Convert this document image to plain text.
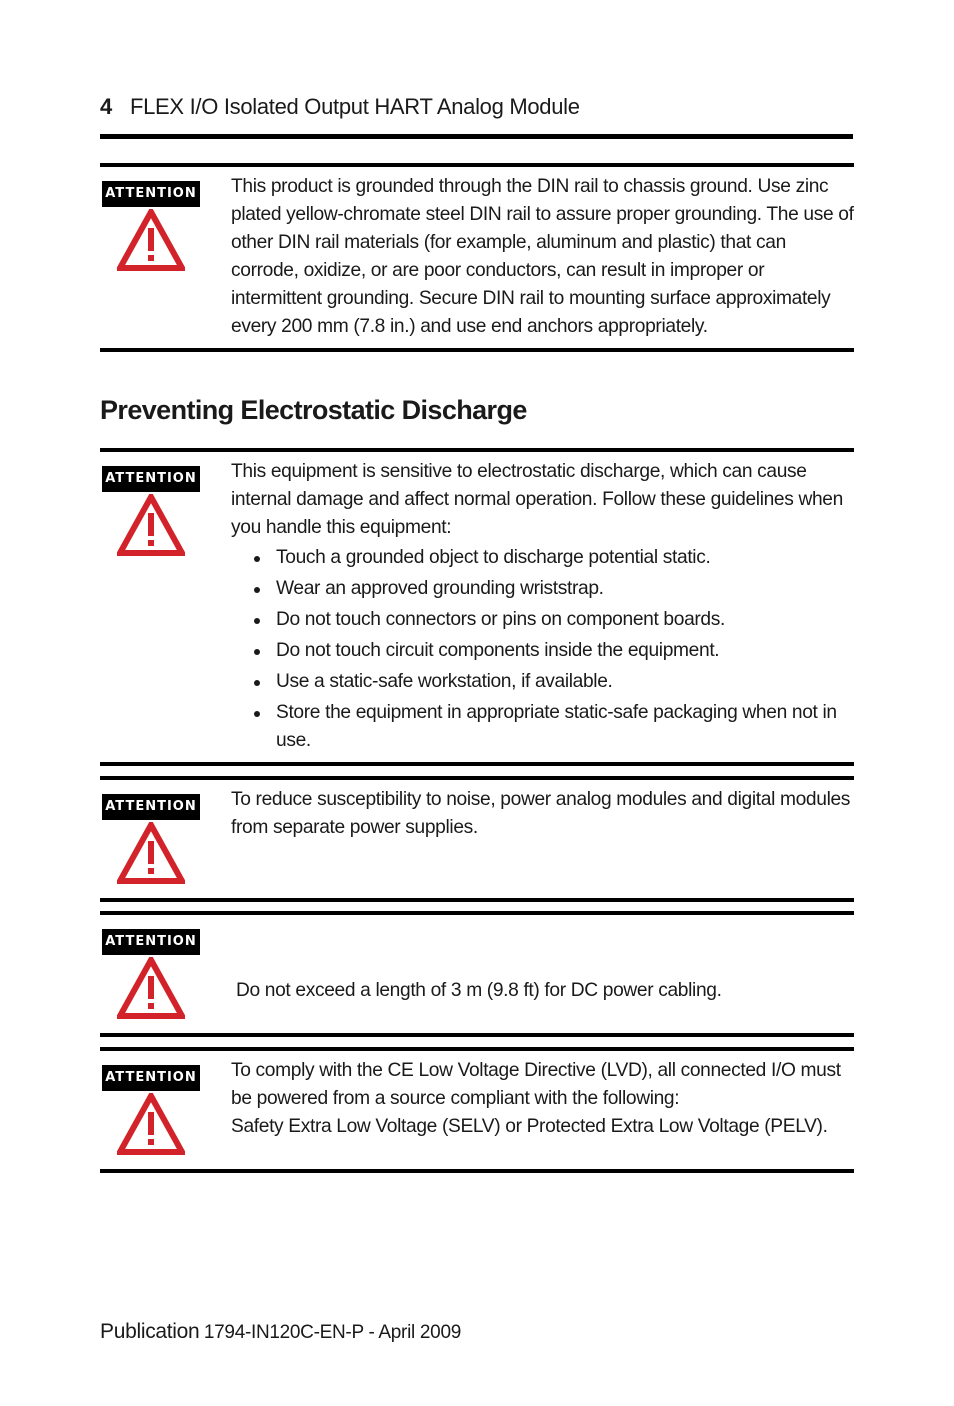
4 FLEX I/O Isolated Output HART Analog Module
ATTENTION This product is grounded through the DIN rail to chassis ground. Use zinc plated yellow-chromate steel DIN rail to assure proper grounding. The use of other DIN rail materials (for example, aluminum and plastic) that can corrode, oxidize, or are poor conductors, can result in improper or intermittent grounding. Secure DIN rail to mounting surface approximately every 200 mm (7.8 in.) and use end anchors appropriately.

Preventing Electrostatic Discharge
ATTENTION This equipment is sensitive to electrostatic discharge, which can cause internal damage and affect normal operation. Follow these guidelines when you handle this equipment:

Touch a grounded object to discharge potential static.
Wear an approved grounding wriststrap.
Do not touch connectors or pins on component boards.
Do not touch circuit components inside the equipment.
Use a static-safe workstation, if available.
Store the equipment in appropriate static-safe packaging when not in use.
ATTENTION To reduce susceptibility to noise, power analog modules and digital modules from separate power supplies.

ATTENTION

Do not exceed a length of 3 m (9.8 ft) for DC power cabling.

ATTENTION To comply with the CE Low Voltage Directive (LVD), all connected I/O must be powered from a source compliant with the following:

Safety Extra Low Voltage (SELV) or Protected Extra Low Voltage (PELV).

Publication 1794-IN120C-EN-P - April 2009
